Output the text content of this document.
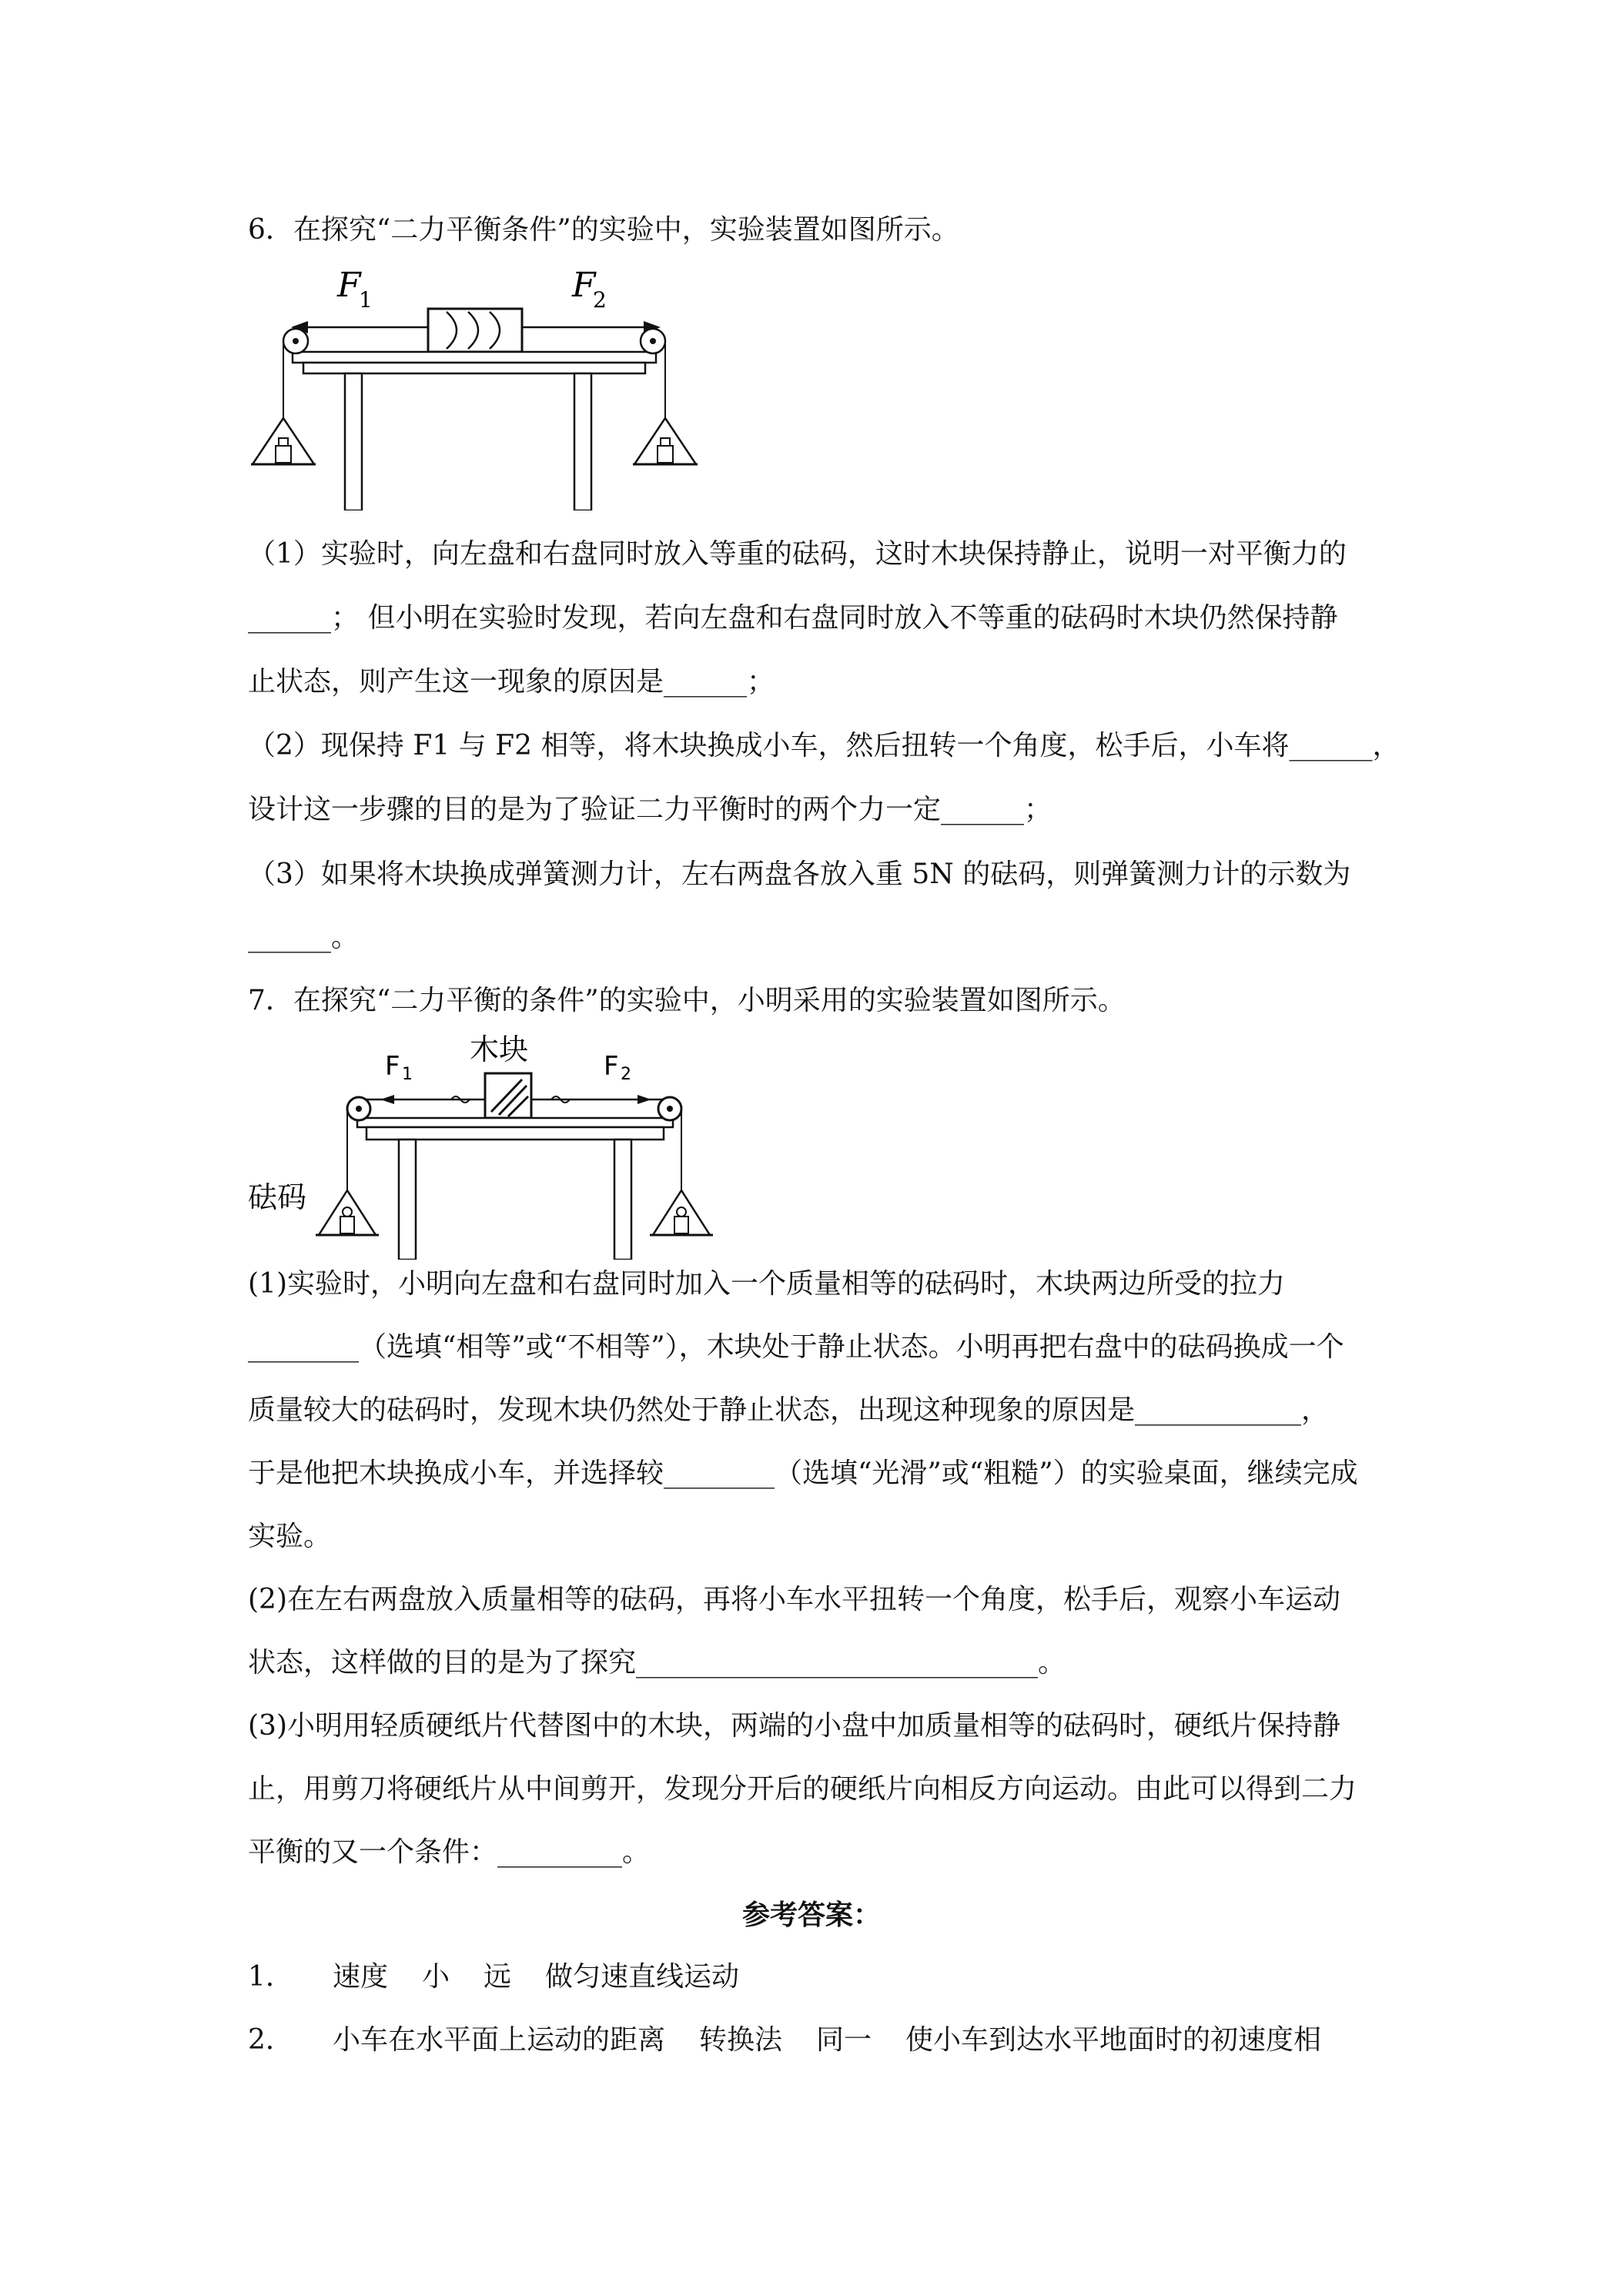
6．在探究“二力平衡条件”的实验中，实验装置如图所示。
F
1	F
2
（1）实验时，向左盘和右盘同时放入等重的砝码，这时木块保持静止，说明一对平衡力的
______； 但小明在实验时发现，若向左盘和右盘同时放入不等重的砝码时木块仍然保持静
止状态，则产生这一现象的原因是______；
（2）现保持 F1 与 F2 相等，将木块换成小车，然后扭转一个角度，松手后，小车将______，
设计这一步骤的目的是为了验证二力平衡时的两个力一定______；
（3）如果将木块换成弹簧测力计，左右两盘各放入重 5N 的砝码，则弹簧测力计的示数为
______。
7．在探究“二力平衡的条件”的实验中，小明采用的实验装置如图所示。
木块
F 1	F 2
砝码
(1)实验时，小明向左盘和右盘同时加入一个质量相等的砝码时，木块两边所受的拉力
________（选填“相等”或“不相等”），木块处于静止状态。小明再把右盘中的砝码换成一个
质量较大的砝码时，发现木块仍然处于静止状态，出现这种现象的原因是____________，
于是他把木块换成小车，并选择较________（选填“光滑”或“粗糙”）的实验桌面，继续完成
实验。
(2)在左右两盘放入质量相等的砝码，再将小车水平扭转一个角度，松手后，观察小车运动
状态，这样做的目的是为了探究_____________________________。
(3)小明用轻质硬纸片代替图中的木块，两端的小盘中加质量相等的砝码时，硬纸片保持静
止，用剪刀将硬纸片从中间剪开，发现分开后的硬纸片向相反方向运动。由此可以得到二力
平衡的又一个条件：_________。
参考答案：
1． 速度 小 远 做匀速直线运动
2． 小车在水平面上运动的距离 转换法 同一 使小车到达水平地面时的初速度相
